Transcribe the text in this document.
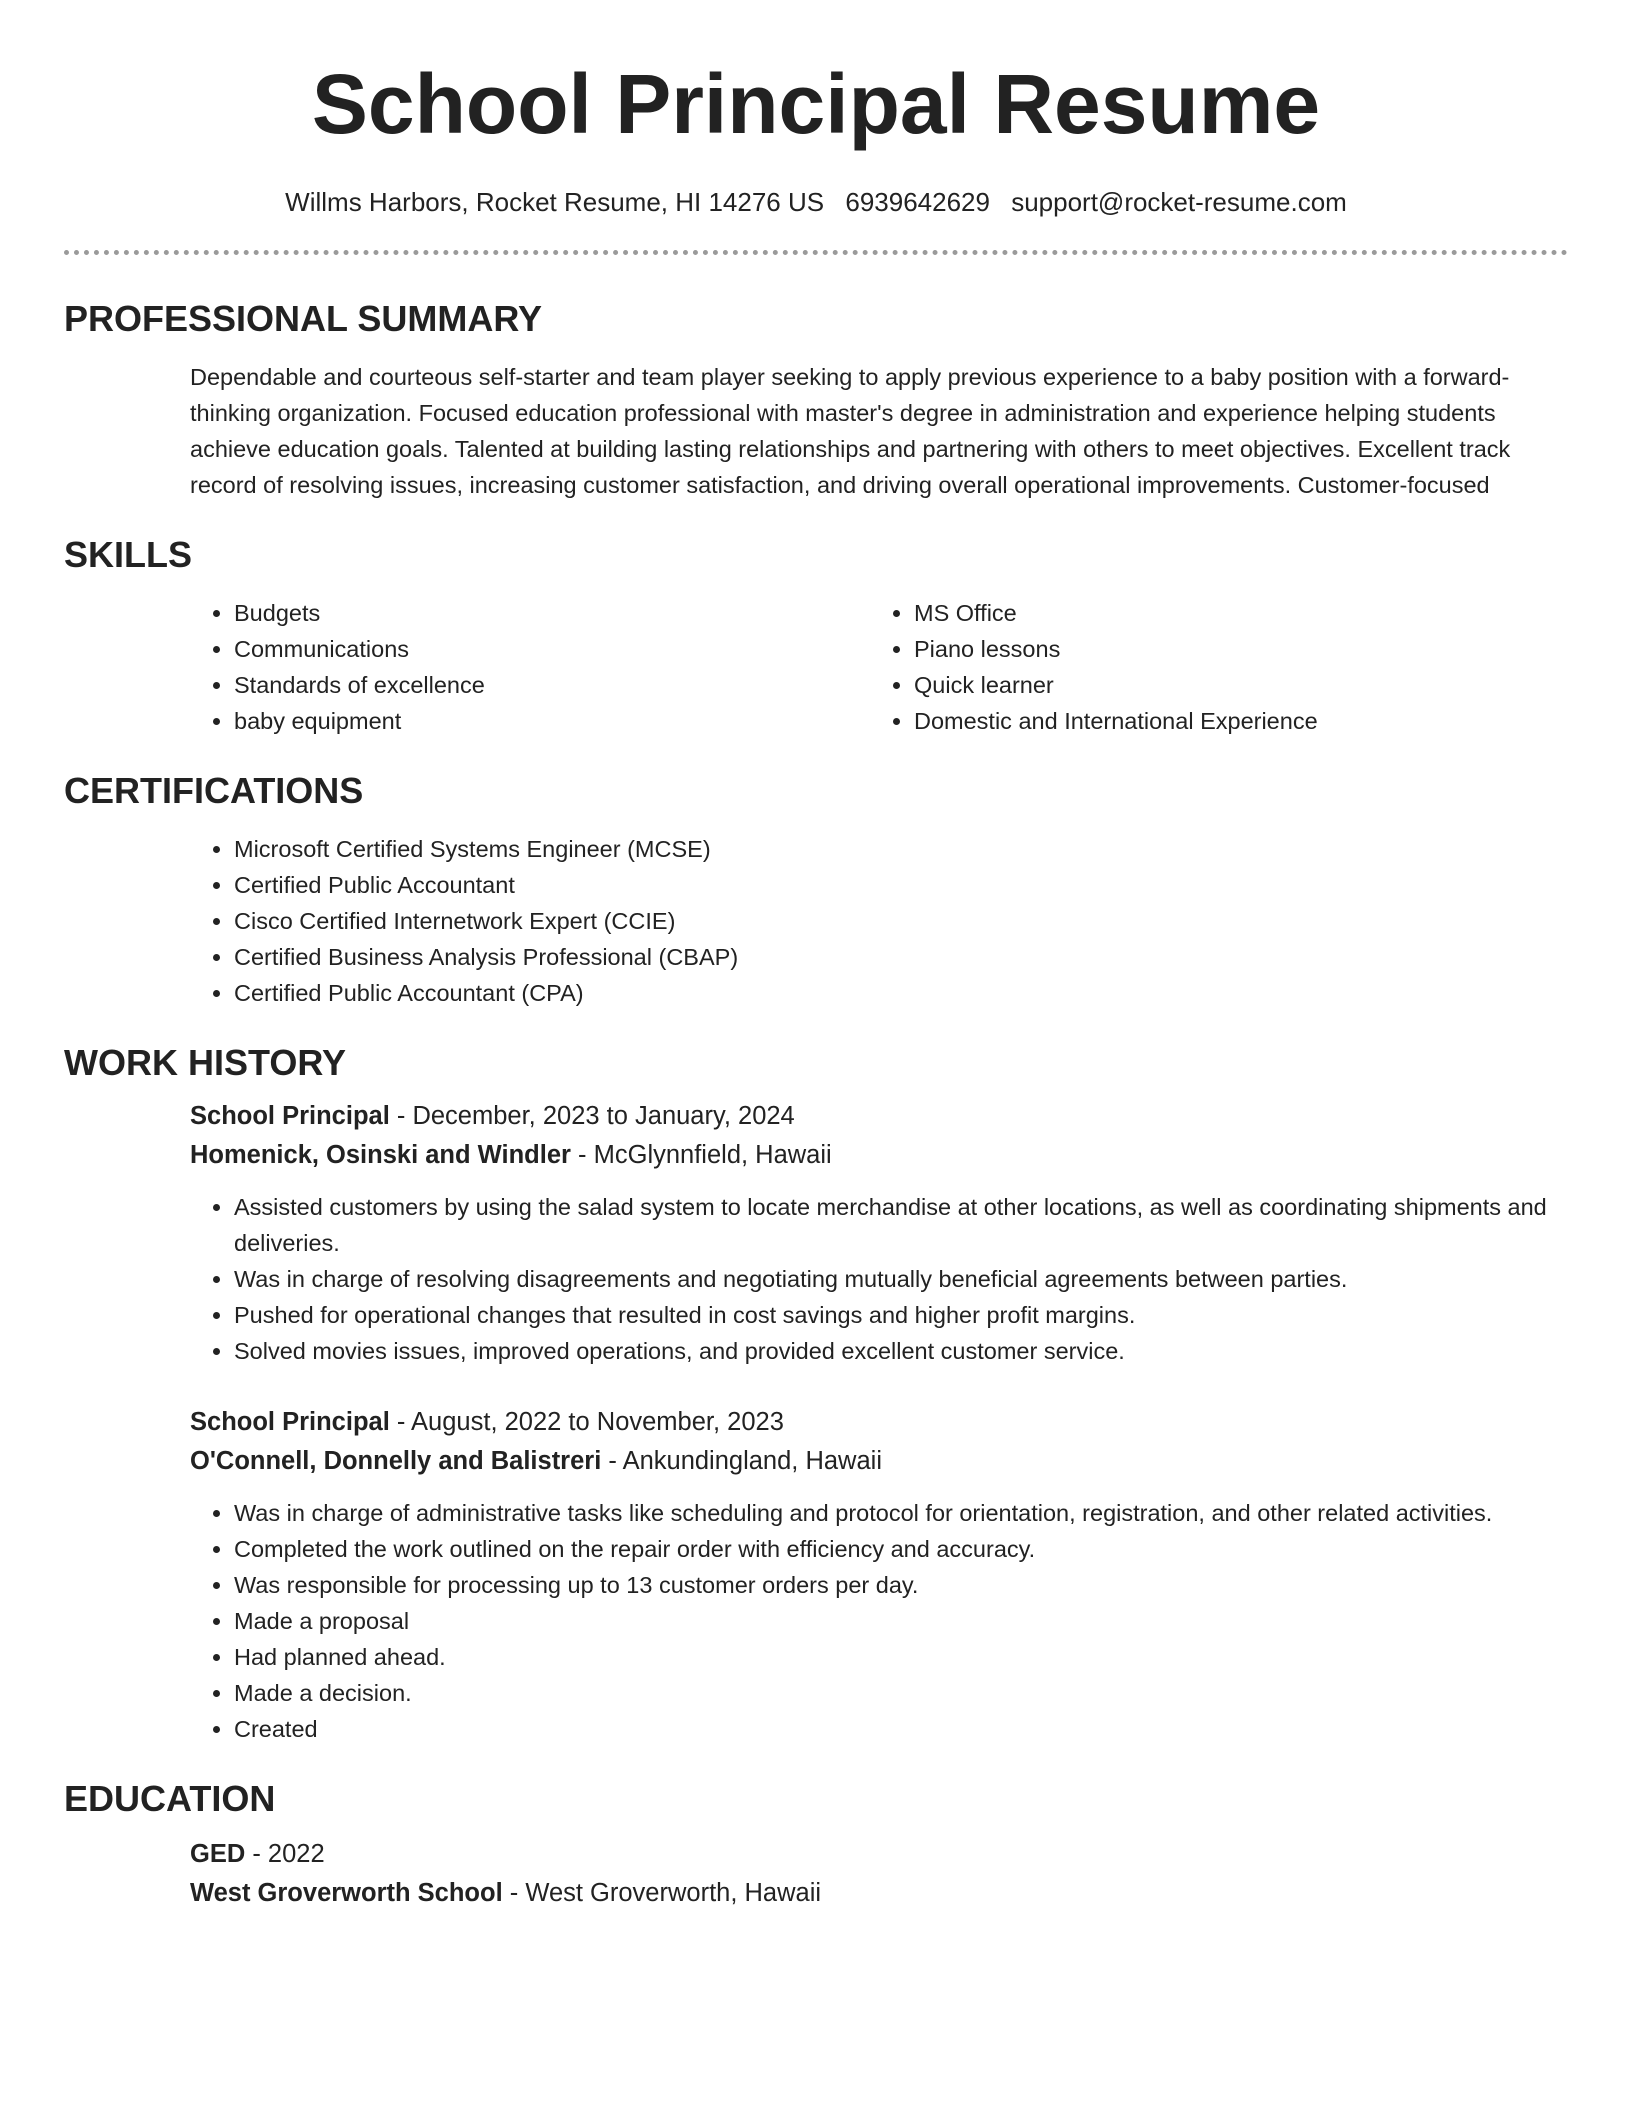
School Principal Resume
Willms Harbors, Rocket Resume, HI 14276 US 6939642629 support@rocket-resume.com
PROFESSIONAL SUMMARY

Dependable and courteous self-starter and team player seeking to apply previous experience to a baby position with a forward-thinking organization. Focused education professional with master's degree in administration and experience helping students achieve education goals. Talented at building lasting relationships and partnering with others to meet objectives. Excellent track record of resolving issues, increasing customer satisfaction, and driving overall operational improvements. Customer-focused

SKILLS
• Budgets
• Communications
• Standards of excellence
• baby equipment
• MS Office
• Piano lessons
• Quick learner
• Domestic and International Experience
CERTIFICATIONS
• Microsoft Certified Systems Engineer (MCSE)
• Certified Public Accountant
• Cisco Certified Internetwork Expert (CCIE)
• Certified Business Analysis Professional (CBAP)
• Certified Public Accountant (CPA)
WORK HISTORY
School Principal - December, 2023 to January, 2024
Homenick, Osinski and Windler - McGlynnfield, Hawaii
• Assisted customers by using the salad system to locate merchandise at other locations, as well as coordinating shipments and deliveries.
• Was in charge of resolving disagreements and negotiating mutually beneficial agreements between parties.
• Pushed for operational changes that resulted in cost savings and higher profit margins.
• Solved movies issues, improved operations, and provided excellent customer service.
School Principal - August, 2022 to November, 2023
O'Connell, Donnelly and Balistreri - Ankundingland, Hawaii
• Was in charge of administrative tasks like scheduling and protocol for orientation, registration, and other related activities.
• Completed the work outlined on the repair order with efficiency and accuracy.
• Was responsible for processing up to 13 customer orders per day.
• Made a proposal
• Had planned ahead.
• Made a decision.
• Created
EDUCATION
GED - 2022
West Groverworth School - West Groverworth, Hawaii
